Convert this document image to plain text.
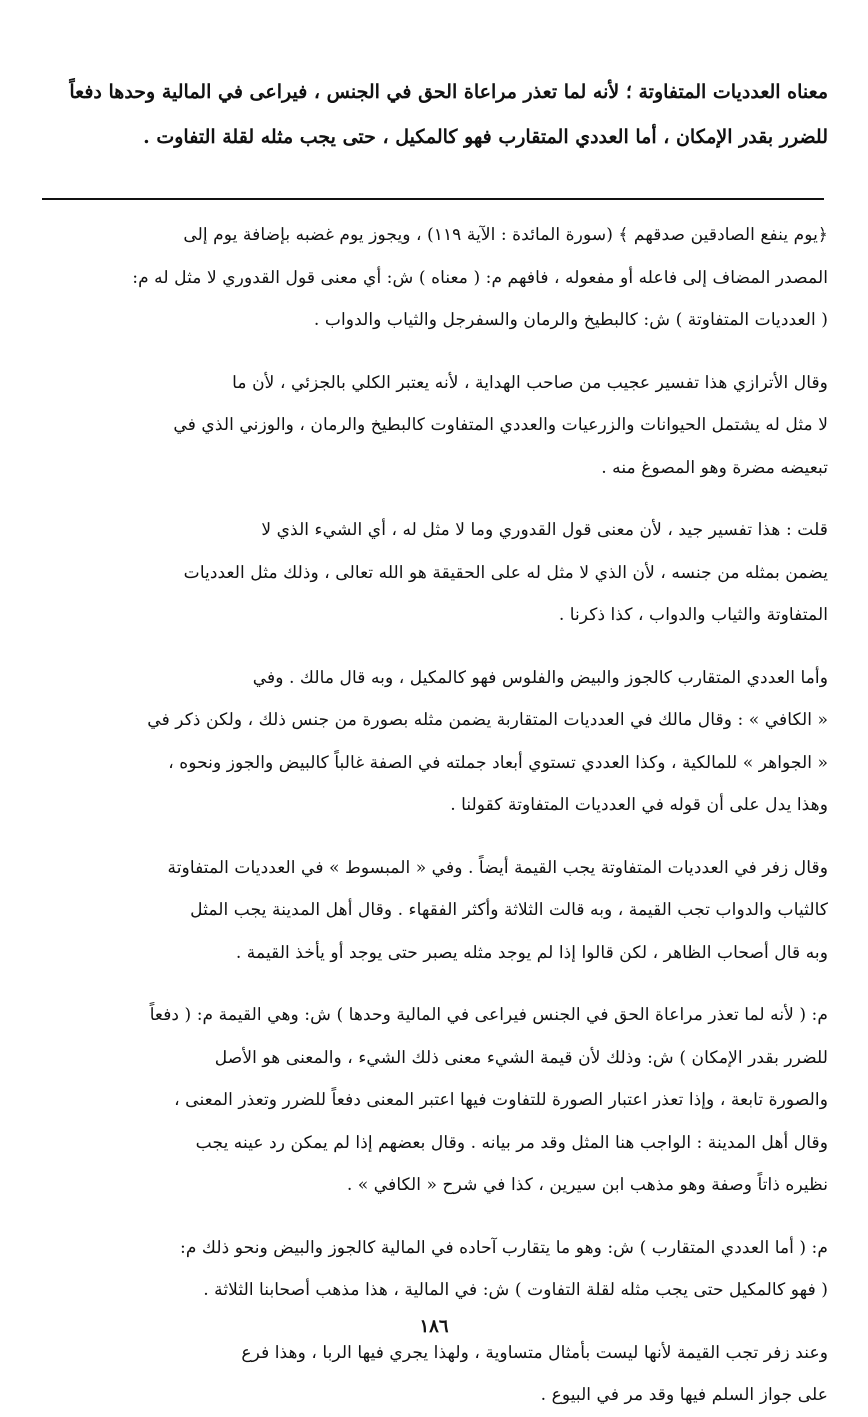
معناه العدديات المتفاوتة ؛ لأنه لما تعذر مراعاة الحق في الجنس ، فيراعى في المالية وحدها دفعاً
للضرر بقدر الإمكان ، أما العددي المتقارب فهو كالمكيل ، حتى يجب مثله لقلة التفاوت .

﴿يوم ينفع الصادقين صدقهم ﴾ (سورة المائدة : الآية ١١٩) ، ويجوز يوم غضبه بإضافة يوم إلى

المصدر المضاف إلى فاعله أو مفعوله ، فافهم م: ( معناه ) ش: أي معنى قول القدوري لا مثل له م:

( العدديات المتفاوتة ) ش: كالبطيخ والرمان والسفرجل والثياب والدواب .

وقال الأترازي هذا تفسير عجيب من صاحب الهداية ، لأنه يعتبر الكلي بالجزئي ، لأن ما

لا مثل له يشتمل الحيوانات والزرعيات والعددي المتفاوت كالبطيخ والرمان ، والوزني الذي في

تبعيضه مضرة وهو المصوغ منه .

قلت : هذا تفسير جيد ، لأن معنى قول القدوري وما لا مثل له ، أي الشيء الذي لا

يضمن بمثله من جنسه ، لأن الذي لا مثل له على الحقيقة هو الله تعالى ، وذلك مثل العدديات

المتفاوتة والثياب والدواب ، كذا ذكرنا .

وأما العددي المتقارب كالجوز والبيض والفلوس فهو كالمكيل ، وبه قال مالك . وفي

« الكافي » : وقال مالك في العدديات المتقاربة يضمن مثله بصورة من جنس ذلك ، ولكن ذكر في

« الجواهر » للمالكية ، وكذا العددي تستوي أبعاد جملته في الصفة غالباً كالبيض والجوز ونحوه ،

وهذا يدل على أن قوله في العدديات المتفاوتة كقولنا .

وقال زفر في العدديات المتفاوتة يجب القيمة أيضاً . وفي « المبسوط » في العدديات المتفاوتة

كالثياب والدواب تجب القيمة ، وبه قالت الثلاثة وأكثر الفقهاء . وقال أهل المدينة يجب المثل

وبه قال أصحاب الظاهر ، لكن قالوا إذا لم يوجد مثله يصبر حتى يوجد أو يأخذ القيمة .

م: ( لأنه لما تعذر مراعاة الحق في الجنس فيراعى في المالية وحدها ) ش: وهي القيمة م: ( دفعاً

للضرر بقدر الإمكان ) ش: وذلك لأن قيمة الشيء معنى ذلك الشيء ، والمعنى هو الأصل

والصورة تابعة ، وإذا تعذر اعتبار الصورة للتفاوت فيها اعتبر المعنى دفعاً للضرر وتعذر المعنى ،

وقال أهل المدينة : الواجب هنا المثل وقد مر بيانه . وقال بعضهم إذا لم يمكن رد عينه يجب

نظيره ذاتاً وصفة وهو مذهب ابن سيرين ، كذا في شرح « الكافي » .

م: ( أما العددي المتقارب ) ش: وهو ما يتقارب آحاده في المالية كالجوز والبيض ونحو ذلك م:

( فهو كالمكيل حتى يجب مثله لقلة التفاوت ) ش: في المالية ، هذا مذهب أصحابنا الثلاثة .

وعند زفر تجب القيمة لأنها ليست بأمثال متساوية ، ولهذا يجري فيها الربا ، وهذا فرع

على جواز السلم فيها وقد مر في البيوع .

١٨٦
